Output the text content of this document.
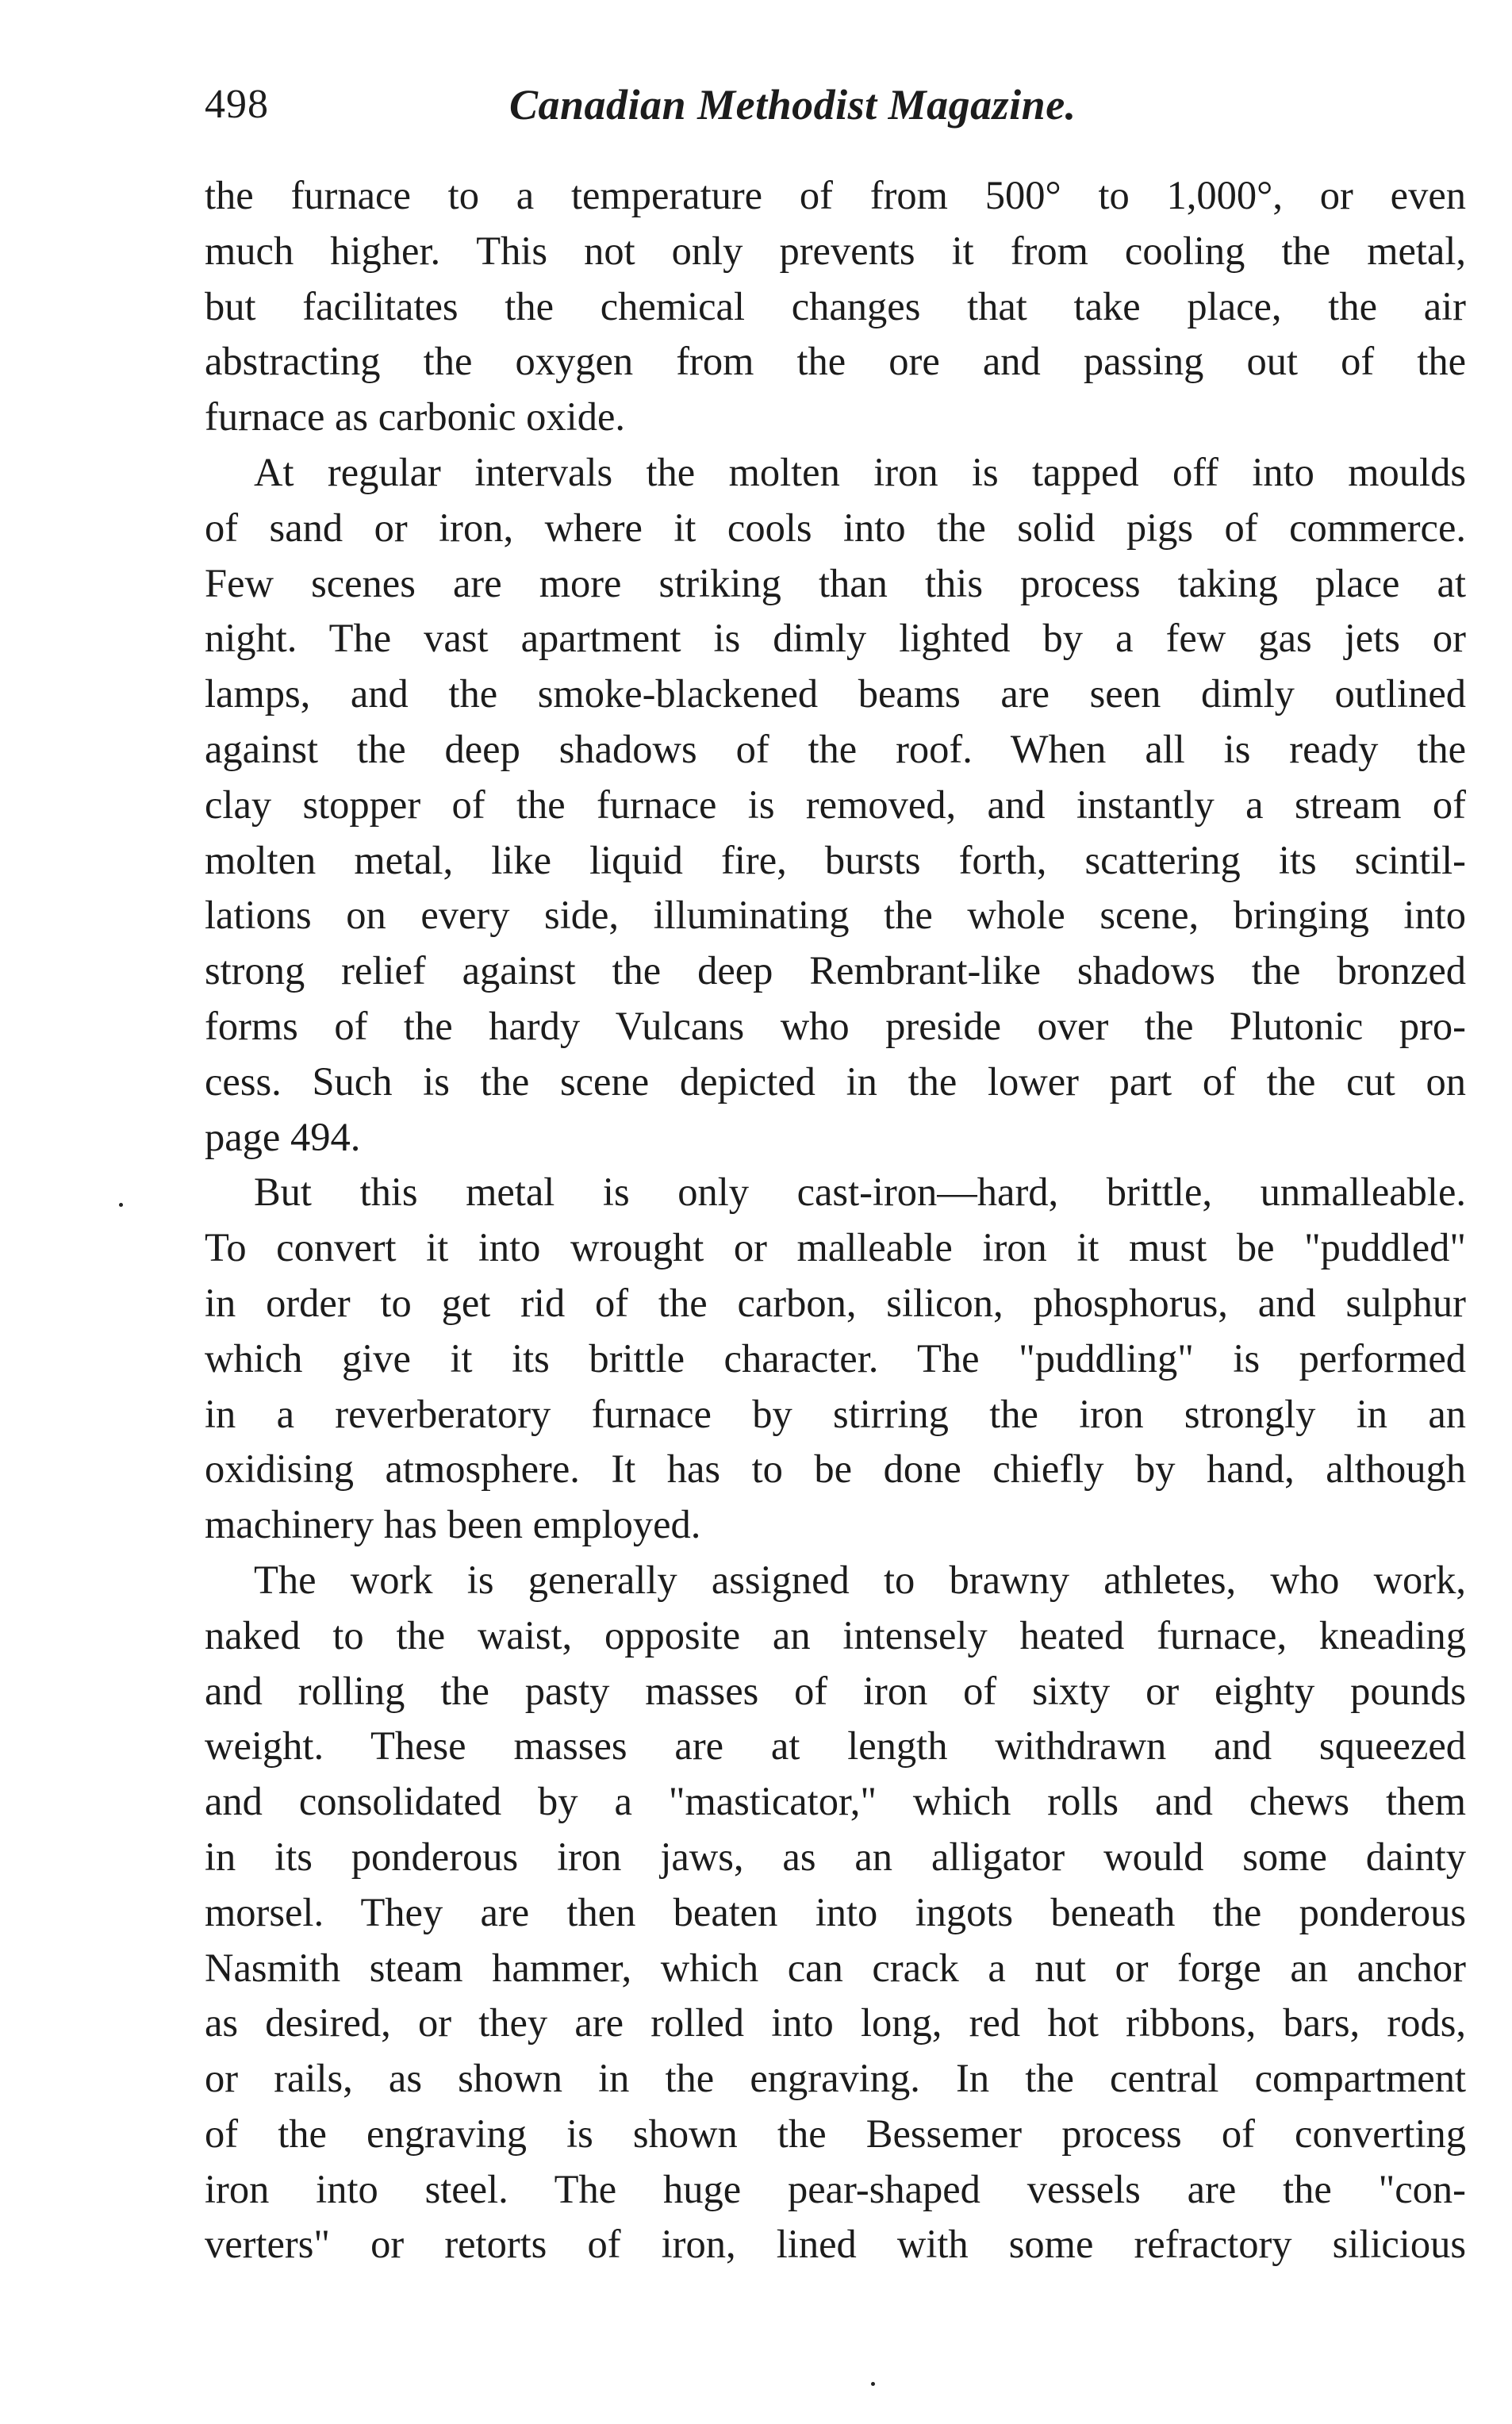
498	Canadian Methodist Magazine.
the furnace to a temperature of from 500° to 1,000°, or even
much higher. This not only prevents it from cooling the metal,
but facilitates the chemical changes that take place, the air
abstracting the oxygen from the ore and passing out of the
furnace as carbonic oxide.
At regular intervals the molten iron is tapped off into moulds
of sand or iron, where it cools into the solid pigs of commerce.
Few scenes are more striking than this process taking place at
night. The vast apartment is dimly lighted by a few gas jets or
lamps, and the smoke-blackened beams are seen dimly outlined
against the deep shadows of the roof. When all is ready the
clay stopper of the furnace is removed, and instantly a stream of
molten metal, like liquid fire, bursts forth, scattering its scintil-
lations on every side, illuminating the whole scene, bringing into
strong relief against the deep Rembrant-like shadows the bronzed
forms of the hardy Vulcans who preside over the Plutonic pro-
cess. Such is the scene depicted in the lower part of the cut on
page 494.
But this metal is only cast-iron—hard, brittle, unmalleable.
To convert it into wrought or malleable iron it must be "puddled"
in order to get rid of the carbon, silicon, phosphorus, and sulphur
which give it its brittle character. The "puddling" is performed
in a reverberatory furnace by stirring the iron strongly in an
oxidising atmosphere. It has to be done chiefly by hand, although
machinery has been employed.
The work is generally assigned to brawny athletes, who work,
naked to the waist, opposite an intensely heated furnace, kneading
and rolling the pasty masses of iron of sixty or eighty pounds
weight. These masses are at length withdrawn and squeezed
and consolidated by a "masticator," which rolls and chews them
in its ponderous iron jaws, as an alligator would some dainty
morsel. They are then beaten into ingots beneath the ponderous
Nasmith steam hammer, which can crack a nut or forge an anchor
as desired, or they are rolled into long, red hot ribbons, bars, rods,
or rails, as shown in the engraving. In the central compartment
of the engraving is shown the Bessemer process of converting
iron into steel. The huge pear-shaped vessels are the "con-
verters" or retorts of iron, lined with some refractory silicious
